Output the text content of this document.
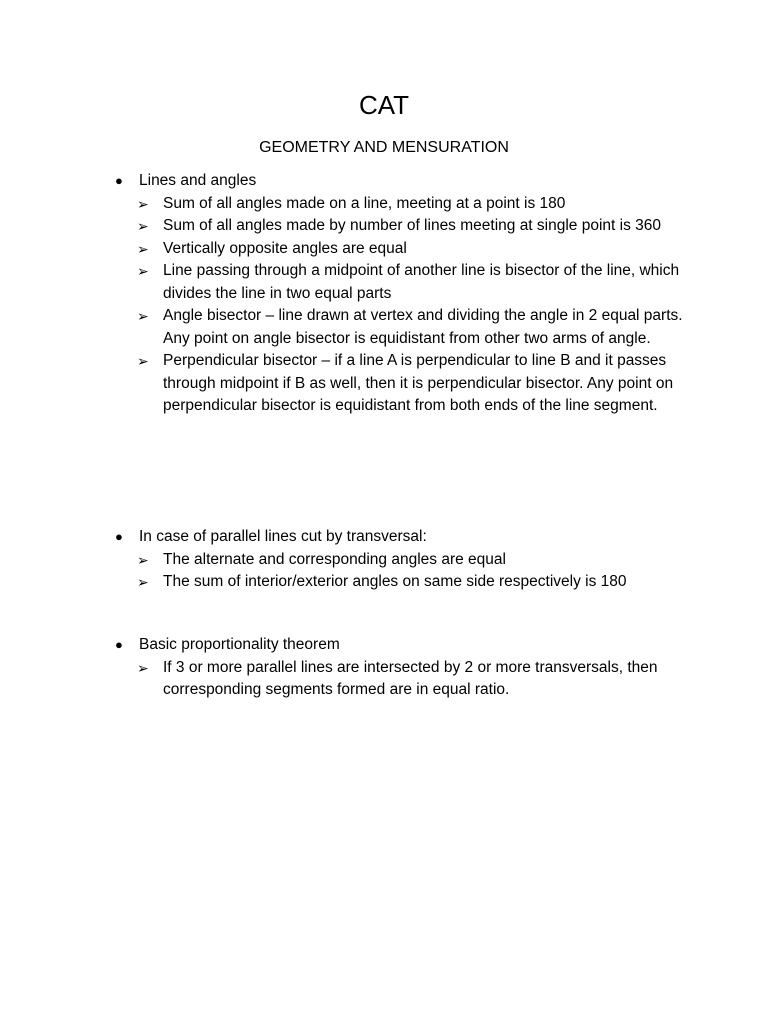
CAT
GEOMETRY AND MENSURATION
●	Lines and angles
➢ Sum of all angles made on a line, meeting at a point is 180
➢ Sum of all angles made by number of lines meeting at single point is 360
➢ Vertically opposite angles are equal
➢ Line passing through a midpoint of another line is bisector of the line, which divides the line in two equal parts
➢ Angle bisector – line drawn at vertex and dividing the angle in 2 equal parts. Any point on angle bisector is equidistant from other two arms of angle.
➢ Perpendicular bisector – if a line A is perpendicular to line B and it passes through midpoint if B as well, then it is perpendicular bisector. Any point on perpendicular bisector is equidistant from both ends of the line segment.
●	In case of parallel lines cut by transversal:
➢ The alternate and corresponding angles are equal
➢ The sum of interior/exterior angles on same side respectively is 180
●	Basic proportionality theorem
➢ If 3 or more parallel lines are intersected by 2 or more transversals, then corresponding segments formed are in equal ratio.
